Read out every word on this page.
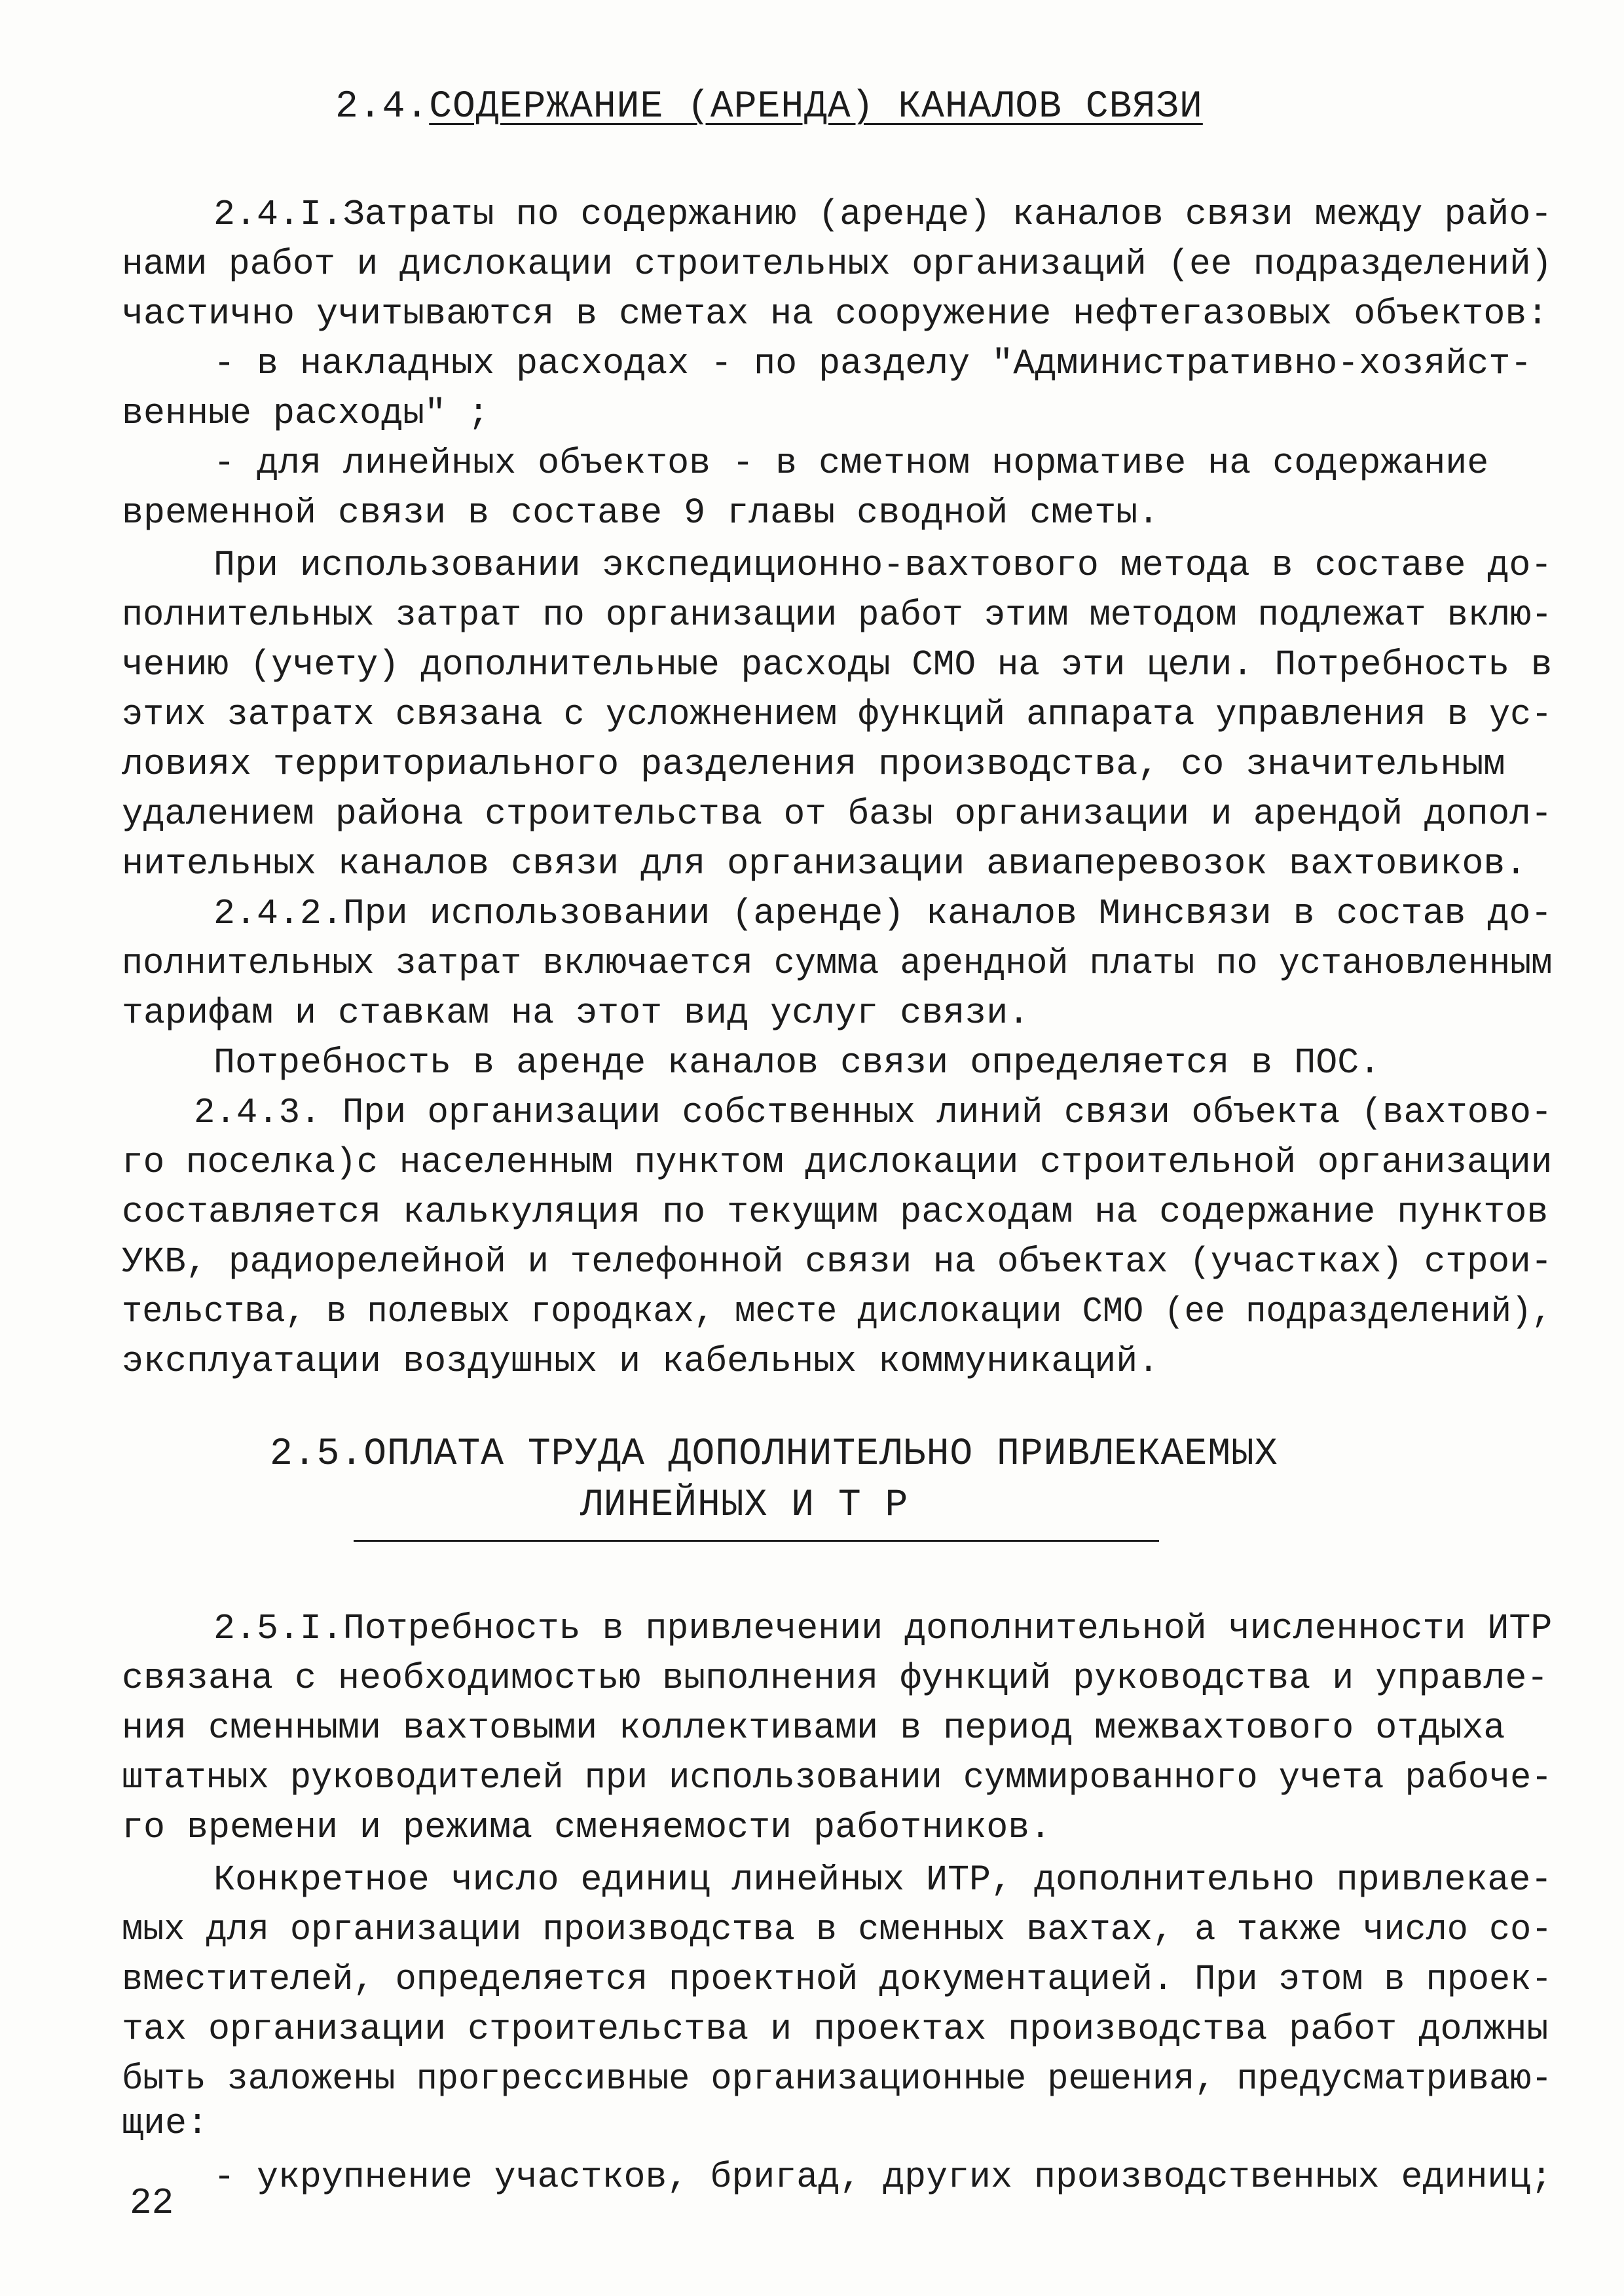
2.4.СОДЕРЖАНИЕ (АРЕНДА) КАНАЛОВ СВЯЗИ
2.4.I.Затраты по содержанию (аренде) каналов связи между райо-
нами работ и дислокации строительных организаций (ее подразделений)
частично учитываются в сметах на сооружение нефтегазовых объектов:
- в накладных расходах - по разделу "Административно-хозяйст-
венные расходы" ;
- для линейных объектов - в сметном нормативе на содержание
временной связи в составе 9 главы сводной сметы.
При использовании экспедиционно-вахтового метода в составе до-
полнительных затрат по организации работ этим методом подлежат вклю-
чению (учету) дополнительные расходы СМО на эти цели. Потребность в
этих затратх связана с усложнением функций аппарата управления в ус-
ловиях территориального разделения производства, со значительным
удалением района строительства от базы организации и арендой допол-
нительных каналов связи для организации авиаперевозок вахтовиков.
2.4.2.При использовании (аренде) каналов Минсвязи в состав до-
полнительных затрат включается сумма арендной платы по установленным
тарифам и ставкам на этот вид услуг связи.
Потребность в аренде каналов связи определяется в ПОС.
2.4.3. При организации собственных линий связи объекта (вахтово-
го поселка)с населенным пунктом дислокации строительной организации
составляется калькуляция по текущим расходам на содержание пунктов
УКВ, радиорелейной и телефонной связи на объектах (участках) строи-
тельства, в полевых городках, месте дислокации СМО (ее подразделений),
эксплуатации воздушных и кабельных коммуникаций.
2.5.ОПЛАТА ТРУДА ДОПОЛНИТЕЛЬНО ПРИВЛЕКАЕМЫХ
ЛИНЕЙНЫХ И Т Р
2.5.I.Потребность в привлечении дополнительной численности ИТР
связана с необходимостью выполнения функций руководства и управле-
ния сменными вахтовыми коллективами в период межвахтового отдыха
штатных руководителей при использовании суммированного учета рабоче-
го времени и режима сменяемости работников.
Конкретное число единиц линейных ИТР, дополнительно привлекае-
мых для организации производства в сменных вахтах, а также число со-
вместителей, определяется проектной документацией. При этом в проек-
тах организации строительства и проектах производства работ должны
быть заложены прогрессивные организационные решения, предусматриваю-
щие:
- укрупнение участков, бригад, других производственных единиц;
22
